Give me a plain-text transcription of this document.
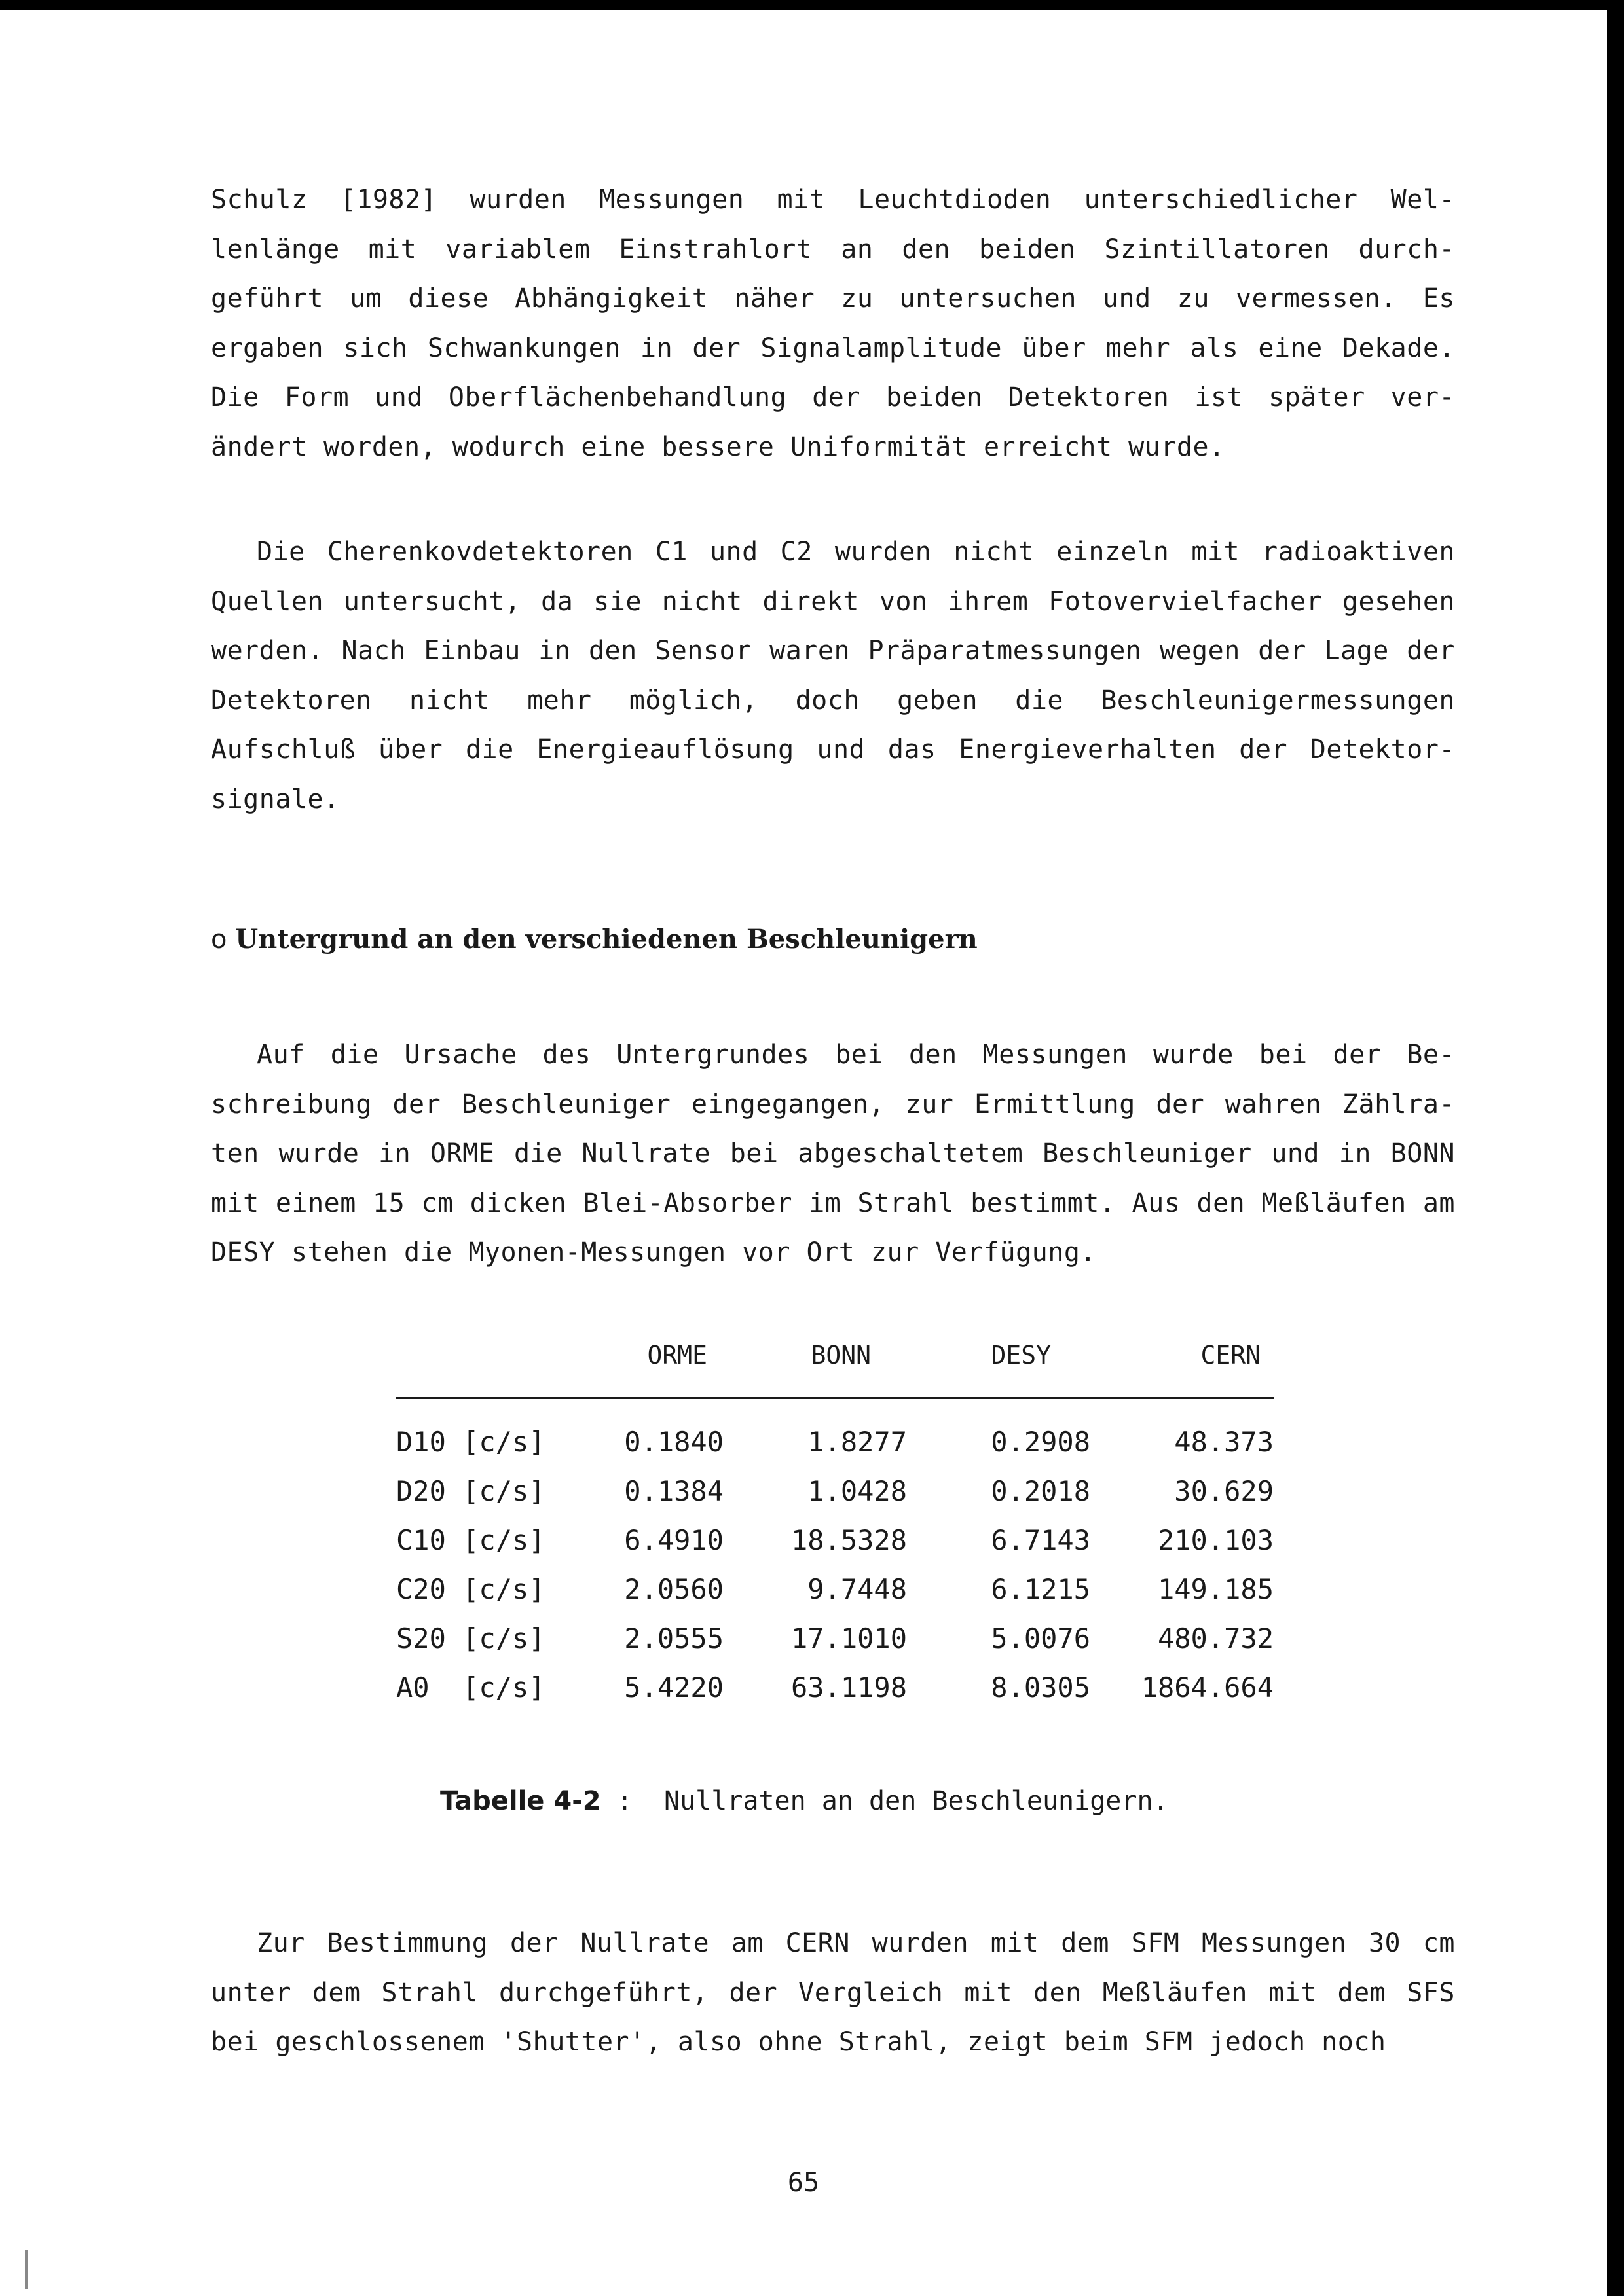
Schulz [1982] wurden Messungen mit Leuchtdioden unterschiedlicher Wel-lenlänge mit variablem Einstrahlort an den beiden Szintillatoren durch-geführt um diese Abhängigkeit näher zu untersuchen und zu vermessen. Es ergaben sich Schwankungen in der Signalamplitude über mehr als eine Dekade. Die Form und Oberflächenbehandlung der beiden Detektoren ist später ver-ändert worden, wodurch eine bessere Uniformität erreicht wurde.

Die Cherenkovdetektoren C1 und C2 wurden nicht einzeln mit radioaktiven Quellen untersucht, da sie nicht direkt von ihrem Fotovervielfacher gesehen werden. Nach Einbau in den Sensor waren Präparatmessungen wegen der Lage der Detektoren nicht mehr möglich, doch geben die Beschleunigermessungen Aufschluß über die Energieauflösung und das Energieverhalten der Detektor-signale.

o Untergrund an den verschiedenen Beschleunigern

Auf die Ursache des Untergrundes bei den Messungen wurde bei der Be-schreibung der Beschleuniger eingegangen, zur Ermittlung der wahren Zählra-ten wurde in ORME die Nullrate bei abgeschaltetem Beschleuniger und in BONN mit einem 15 cm dicken Blei-Absorber im Strahl bestimmt. Aus den Meßläufen am DESY stehen die Myonen-Messungen vor Ort zur Verfügung.

	ORME	BONN	DESY	CERN

D10 [c/s]	0.1840	1.8277	0.2908	48.373
D20 [c/s]	0.1384	1.0428	0.2018	30.629
C10 [c/s]	6.4910	18.5328	6.7143	210.103
C20 [c/s]	2.0560	9.7448	6.1215	149.185
S20 [c/s]	2.0555	17.1010	5.0076	480.732
A0  [c/s]	5.4220	63.1198	8.0305	1864.664

Tabelle 4-2 : Nullraten an den Beschleunigern.

Zur Bestimmung der Nullrate am CERN wurden mit dem SFM Messungen 30 cm unter dem Strahl durchgeführt, der Vergleich mit den Meßläufen mit dem SFS bei geschlossenem 'Shutter', also ohne Strahl, zeigt beim SFM jedoch noch

65
